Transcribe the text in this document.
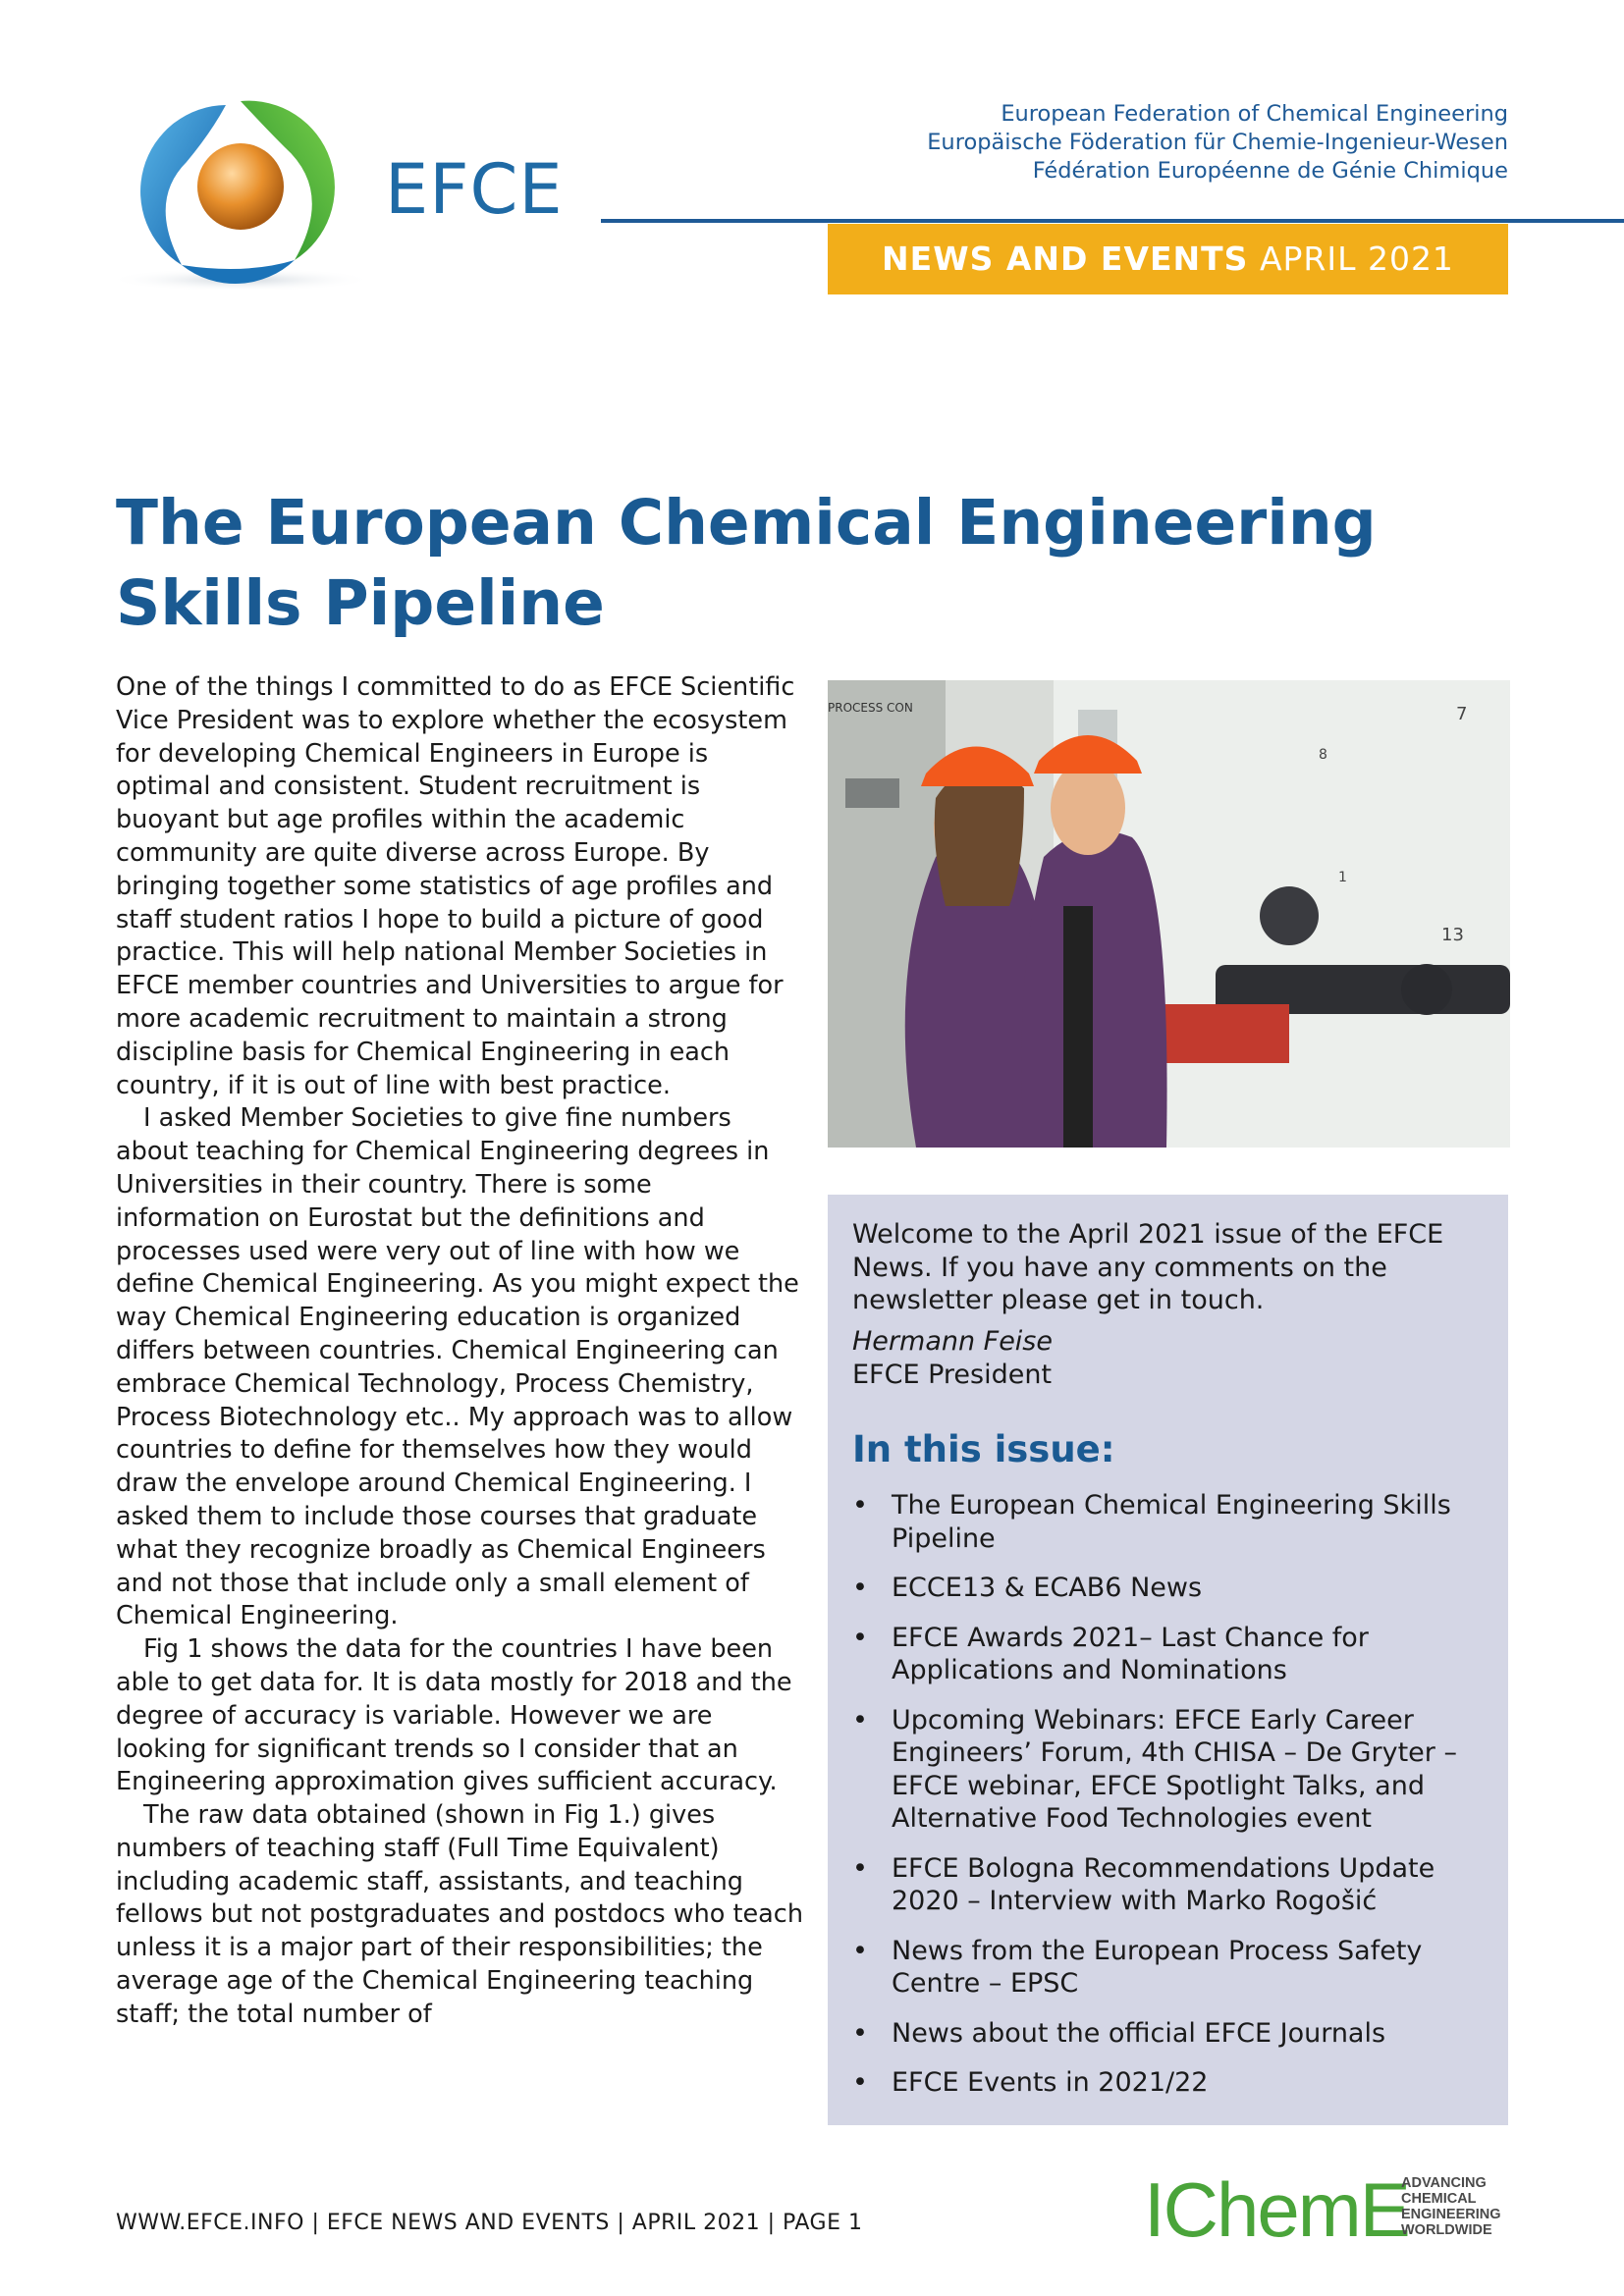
EFCE
European Federation of Chemical Engineering
Europäische Föderation für Chemie-Ingenieur-Wesen
Fédération Européenne de Génie Chimique
NEWS AND EVENTS APRIL 2021
The European Chemical Engineering
Skills Pipeline

One of the things I committed to do as EFCE Scientific Vice President was to explore whether the ecosystem for developing Chemical Engineers in Europe is optimal and consistent. Student recruitment is buoyant but age profiles within the academic community are quite diverse across Europe. By bringing together some statistics of age profiles and staff student ratios I hope to build a picture of good practice. This will help national Member Societies in EFCE member countries and Universities to argue for more academic recruitment to maintain a strong discipline basis for Chemical Engineering in each country, if it is out of line with best practice.

I asked Member Societies to give fine numbers about teaching for Chemical Engineering degrees in Universities in their country. There is some information on Eurostat but the definitions and processes used were very out of line with how we define Chemical Engineering. As you might expect the way Chemical Engineering education is organized differs between countries. Chemical Engineering can embrace Chemical Technology, Process Chemistry, Process Biotechnology etc.. My approach was to allow countries to define for themselves how they would draw the envelope around Chemical Engineering. I asked them to include those courses that graduate what they recognize broadly as Chemical Engineers and not those that include only a small element of Chemical Engineering.

Fig 1 shows the data for the countries I have been able to get data for. It is data mostly for 2018 and the degree of accuracy is variable. However we are looking for significant trends so I consider that an Engineering approximation gives sufficient accuracy.

The raw data obtained (shown in Fig 1.) gives numbers of teaching staff (Full Time Equivalent) including academic staff, assistants, and teaching fellows but not postgraduates and postdocs who teach unless it is a major part of their responsibilities; the average age of the Chemical Engineering teaching staff; the total number of

PROCESS CON	7
8
1
13
Welcome to the April 2021 issue of the EFCE News. If you have any comments on the newsletter please get in touch.
Hermann Feise
EFCE President
In this issue:
• The European Chemical Engineering Skills Pipeline
• ECCE13 & ECAB6 News
• EFCE Awards 2021– Last Chance for Applications and Nominations
• Upcoming Webinars: EFCE Early Career Engineers’ Forum, 4th CHISA – De Gryter – EFCE webinar, EFCE Spotlight Talks, and Alternative Food Technologies event
• EFCE Bologna Recommendations Update 2020 – Interview with Marko Rogošić
• News from the European Process Safety Centre – EPSC
• News about the official EFCE Journals
• EFCE Events in 2021/22
WWW.EFCE.INFO | EFCE NEWS AND EVENTS | APRIL 2021 | PAGE 1	IChemE
ADVANCING
CHEMICAL
ENGINEERING
WORLDWIDE
